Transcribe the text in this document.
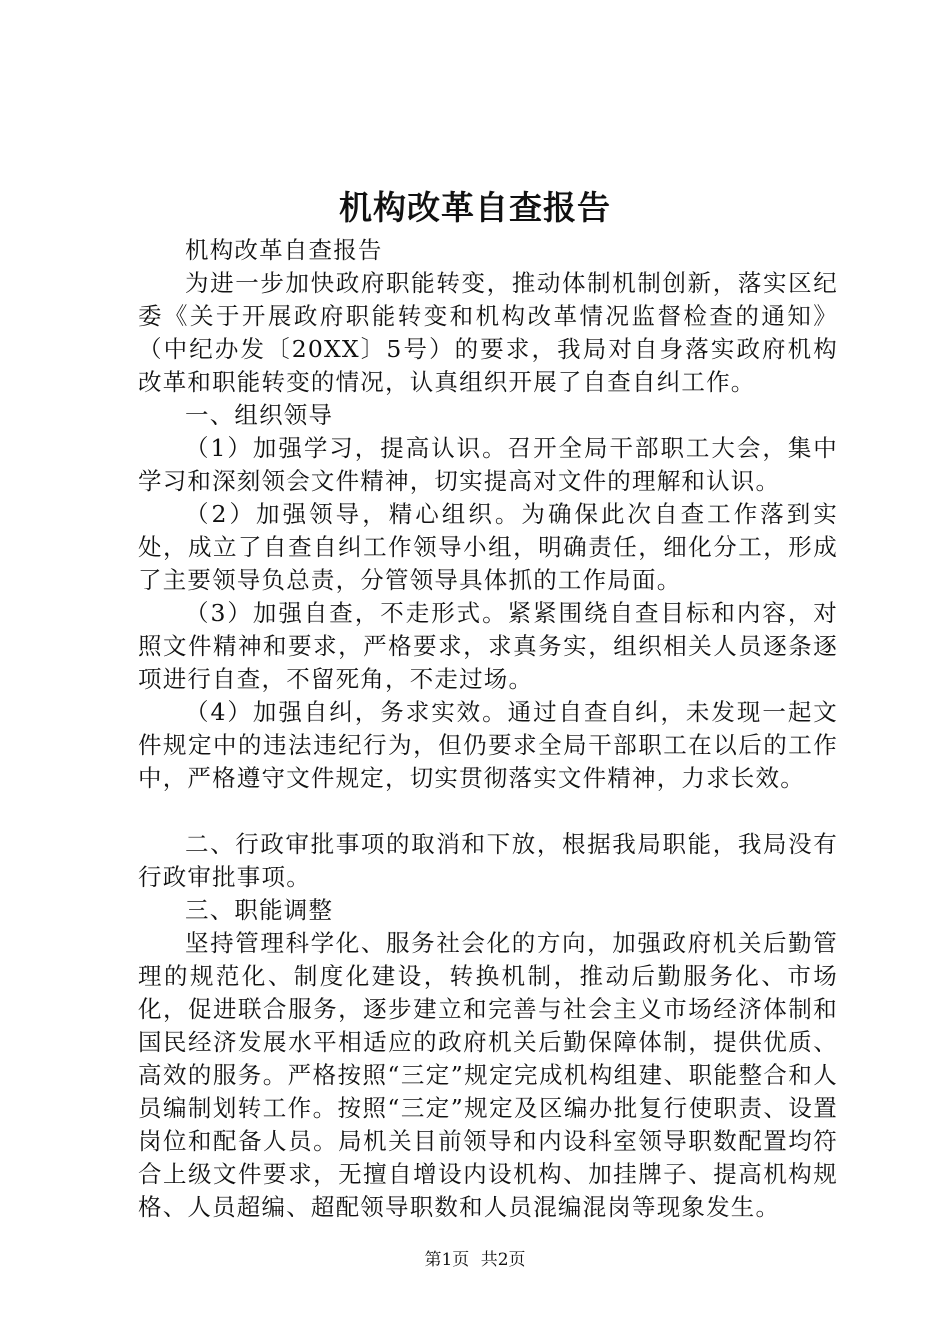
机构改革自查报告

机构改革自查报告

为进一步加快政府职能转变，推动体制机制创新，落实区纪委《关于开展政府职能转变和机构改革情况监督检查的通知》（中纪办发〔20XX〕5号）的要求，我局对自身落实政府机构改革和职能转变的情况，认真组织开展了自查自纠工作。

一、组织领导

（1）加强学习，提高认识。召开全局干部职工大会，集中学习和深刻领会文件精神，切实提高对文件的理解和认识。

（2）加强领导，精心组织。为确保此次自查工作落到实处，成立了自查自纠工作领导小组，明确责任，细化分工，形成了主要领导负总责，分管领导具体抓的工作局面。

（3）加强自查，不走形式。紧紧围绕自查目标和内容，对照文件精神和要求，严格要求，求真务实，组织相关人员逐条逐项进行自查，不留死角，不走过场。

（4）加强自纠，务求实效。通过自查自纠，未发现一起文件规定中的违法违纪行为，但仍要求全局干部职工在以后的工作中，严格遵守文件规定，切实贯彻落实文件精神，力求长效。

二、行政审批事项的取消和下放，根据我局职能，我局没有行政审批事项。

三、职能调整

坚持管理科学化、服务社会化的方向，加强政府机关后勤管理的规范化、制度化建设，转换机制，推动后勤服务化、市场化，促进联合服务，逐步建立和完善与社会主义市场经济体制和国民经济发展水平相适应的政府机关后勤保障体制，提供优质、高效的服务。严格按照“三定”规定完成机构组建、职能整合和人员编制划转工作。按照“三定”规定及区编办批复行使职责、设置岗位和配备人员。局机关目前领导和内设科室领导职数配置均符合上级文件要求，无擅自增设内设机构、加挂牌子、提高机构规格、人员超编、超配领导职数和人员混编混岗等现象发生。

第1页 共2页
